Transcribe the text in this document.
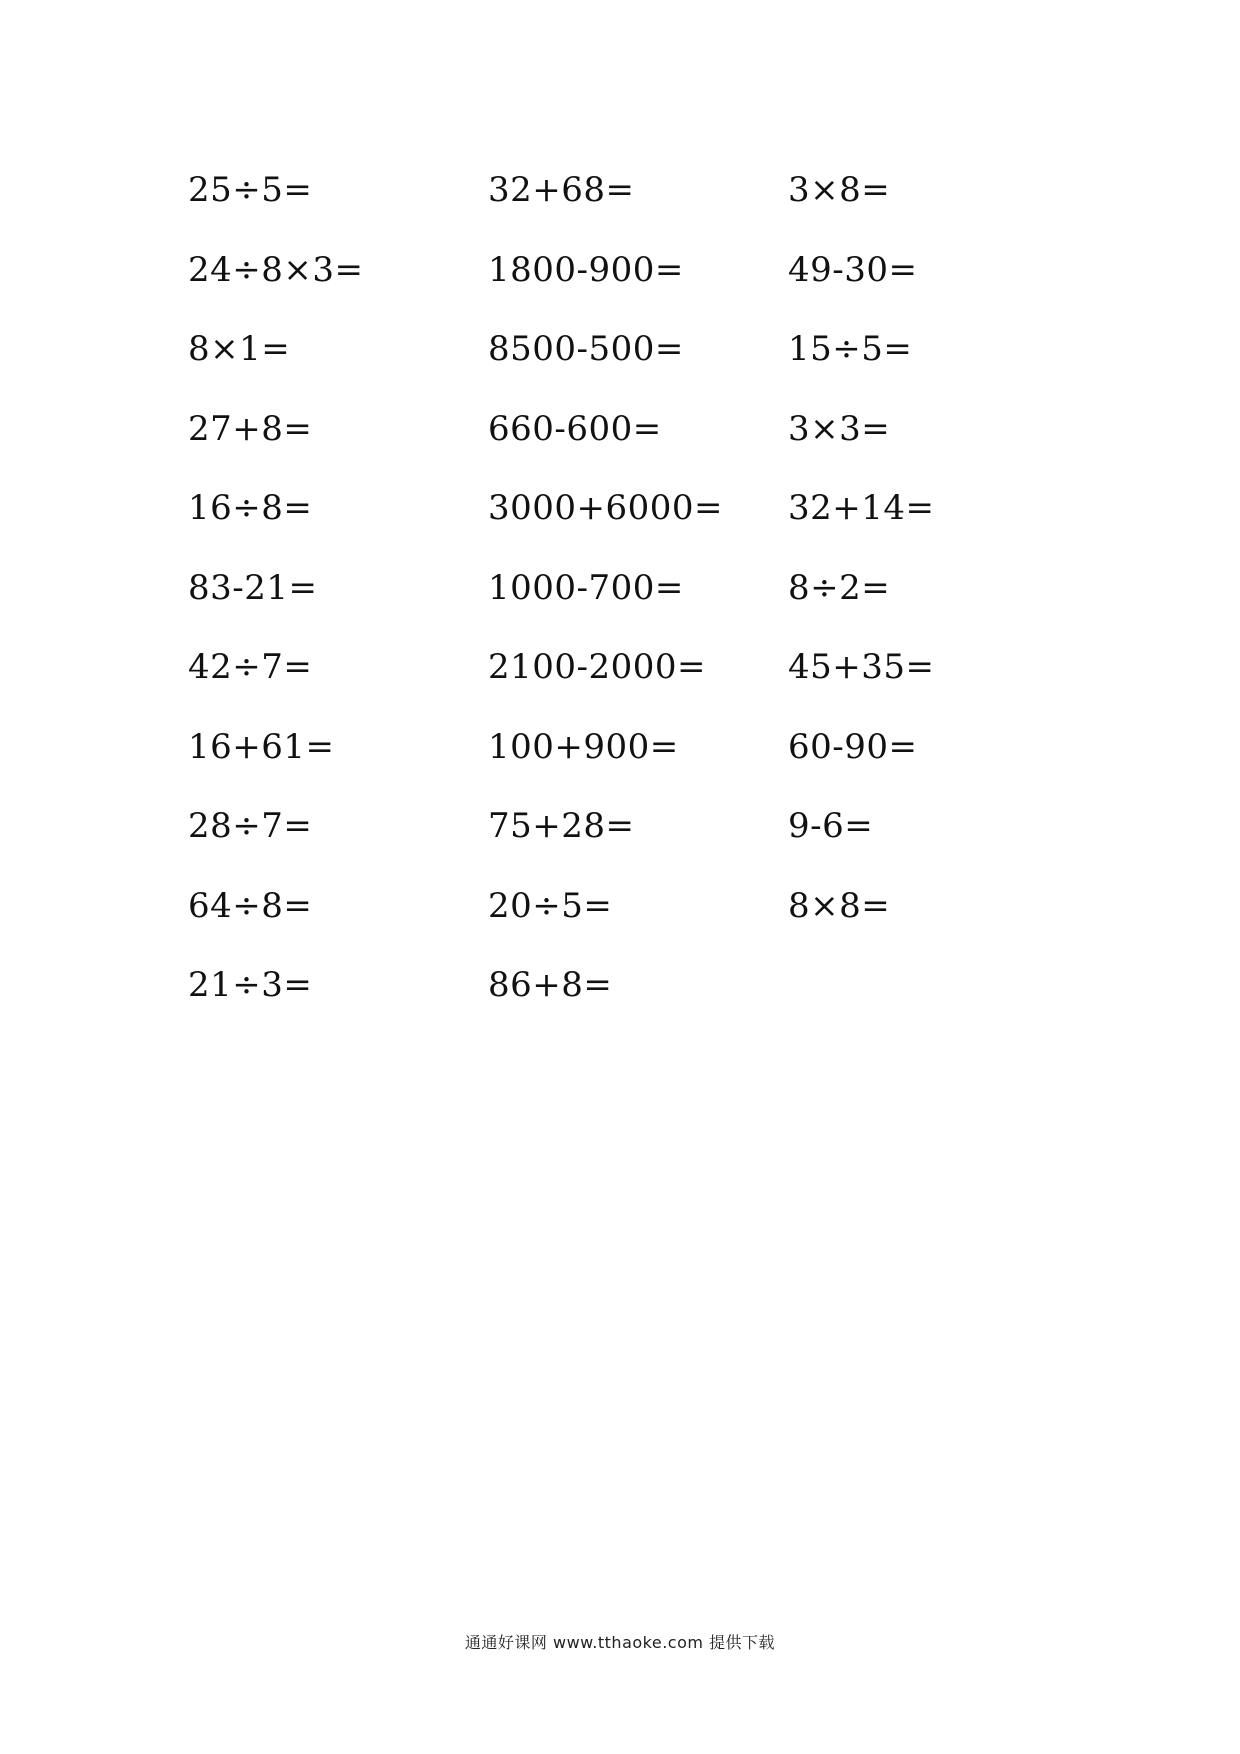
25÷5=	32+68=	3×8=
24÷8×3=	1800-900=	49-30=
8×1=	8500-500=	15÷5=
27+8=	660-600=	3×3=
16÷8=	3000+6000=	32+14=
83-21=	1000-700=	8÷2=
42÷7=	2100-2000=	45+35=
16+61=	100+900=	60-90=
28÷7=	75+28=	9-6=
64÷8=	20÷5=	8×8=
21÷3=	86+8=
通通好课网 www.tthaoke.com 提供下载
